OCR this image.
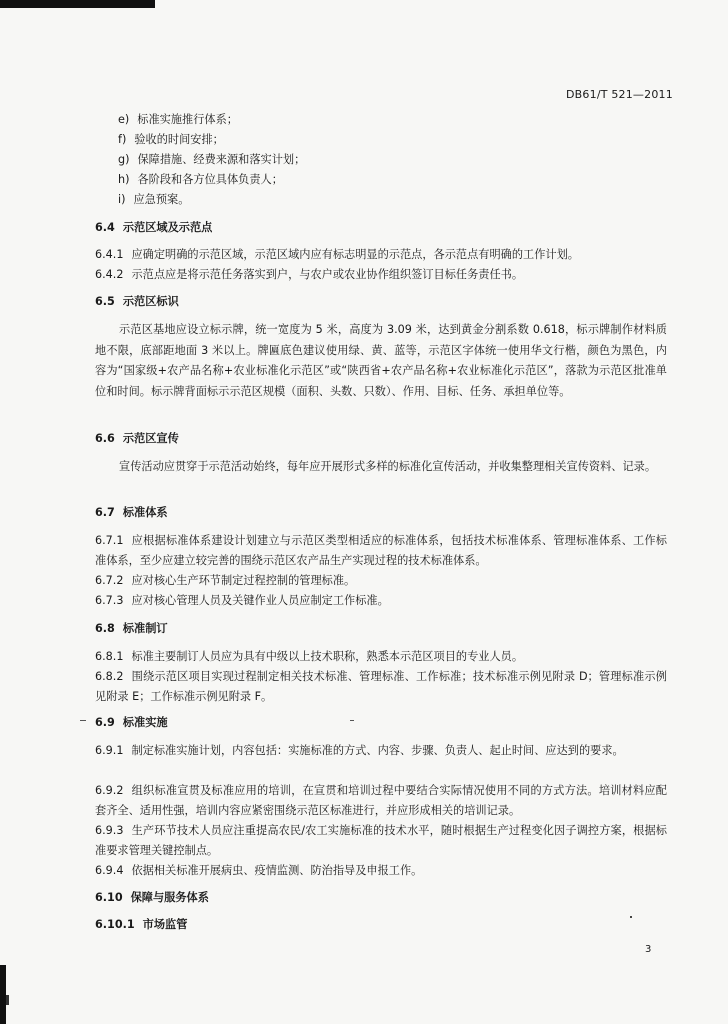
DB61/T 521—2011
e) 标准实施推行体系；
f) 验收的时间安排；
g) 保障措施、经费来源和落实计划；
h) 各阶段和各方位具体负责人；
i) 应急预案。
6.4 示范区域及示范点
6.4.1 应确定明确的示范区域，示范区域内应有标志明显的示范点，各示范点有明确的工作计划。
6.4.2 示范点应是将示范任务落实到户，与农户或农业协作组织签订目标任务责任书。
6.5 示范区标识
示范区基地应设立标示牌，统一宽度为 5 米，高度为 3.09 米，达到黄金分割系数 0.618，标示牌制作材料质地不限，底部距地面 3 米以上。牌匾底色建议使用绿、黄、蓝等，示范区字体统一使用华文行楷，颜色为黑色，内容为“国家级+农产品名称+农业标准化示范区”或“陕西省+农产品名称+农业标准化示范区”，落款为示范区批准单位和时间。标示牌背面标示示范区规模（面积、头数、只数）、作用、目标、任务、承担单位等。
6.6 示范区宣传
宣传活动应贯穿于示范活动始终，每年应开展形式多样的标准化宣传活动，并收集整理相关宣传资料、记录。
6.7 标准体系
6.7.1 应根据标准体系建设计划建立与示范区类型相适应的标准体系，包括技术标准体系、管理标准体系、工作标准体系，至少应建立较完善的围绕示范区农产品生产实现过程的技术标准体系。
6.7.2 应对核心生产环节制定过程控制的管理标准。
6.7.3 应对核心管理人员及关键作业人员应制定工作标准。
6.8 标准制订
6.8.1 标准主要制订人员应为具有中级以上技术职称，熟悉本示范区项目的专业人员。
6.8.2 围绕示范区项目实现过程制定相关技术标准、管理标准、工作标准；技术标准示例见附录 D；管理标准示例见附录 E；工作标准示例见附录 F。
6.9 标准实施
6.9.1 制定标准实施计划，内容包括：实施标准的方式、内容、步骤、负责人、起止时间、应达到的要求。
6.9.2 组织标准宣贯及标准应用的培训，在宣贯和培训过程中要结合实际情况使用不同的方式方法。培训材料应配套齐全、适用性强，培训内容应紧密围绕示范区标准进行，并应形成相关的培训记录。
6.9.3 生产环节技术人员应注重提高农民/农工实施标准的技术水平，随时根据生产过程变化因子调控方案，根据标准要求管理关键控制点。
6.9.4 依据相关标准开展病虫、疫情监测、防治指导及申报工作。
6.10 保障与服务体系
6.10.1 市场监管
3
